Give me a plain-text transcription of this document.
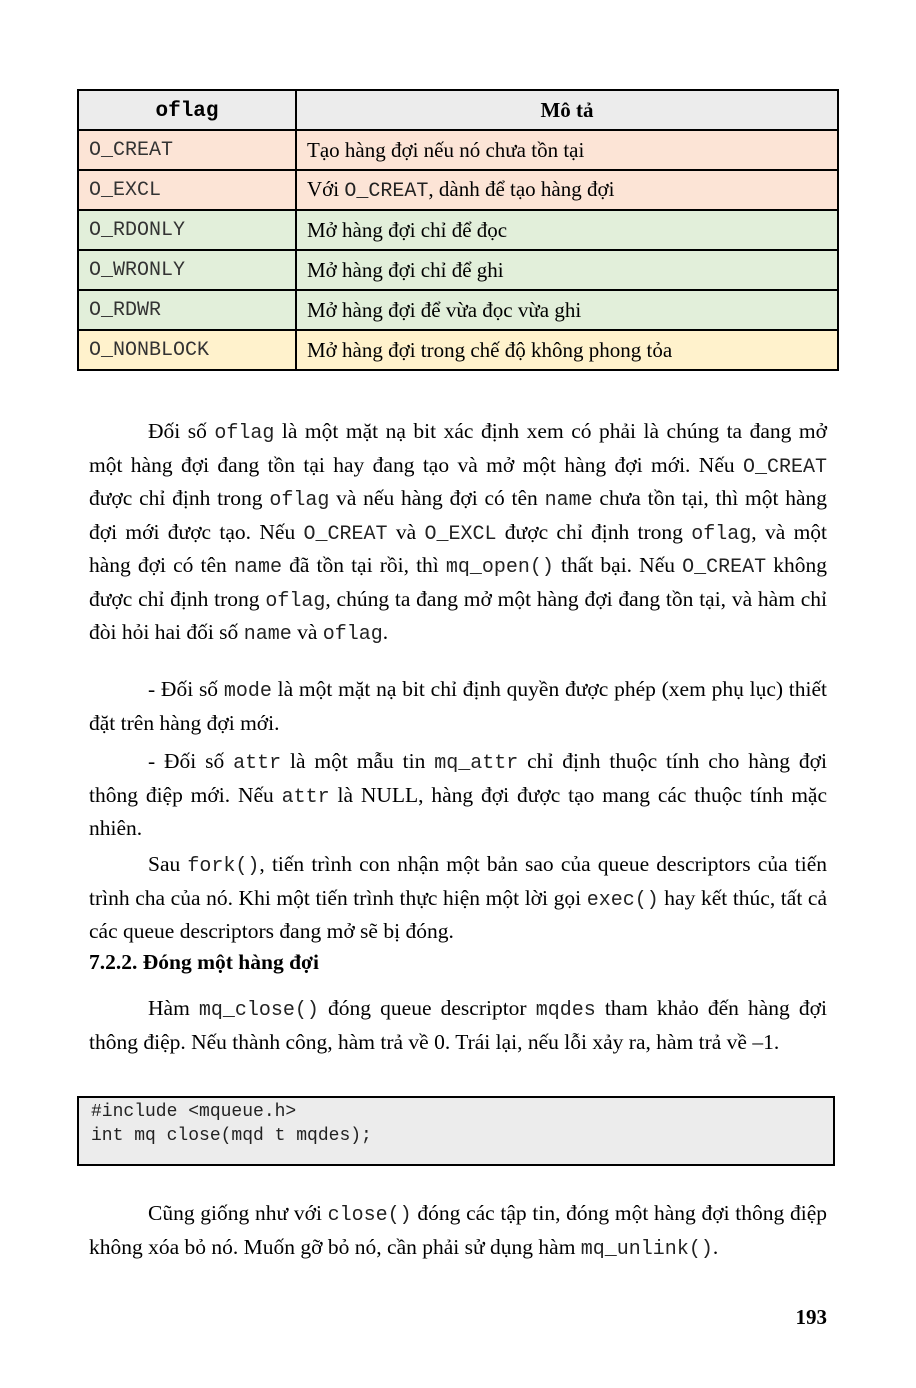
oflag	Mô tả
O_CREAT	Tạo hàng đợi nếu nó chưa tồn tại
O_EXCL	Với O_CREAT, dành để tạo hàng đợi
O_RDONLY	Mở hàng đợi chỉ để đọc
O_WRONLY	Mở hàng đợi chỉ để ghi
O_RDWR	Mở hàng đợi để vừa đọc vừa ghi
O_NONBLOCK	Mở hàng đợi trong chế độ không phong tỏa

Đối số oflag là một mặt nạ bit xác định xem có phải là chúng ta đang mở một hàng đợi đang tồn tại hay đang tạo và mở một hàng đợi mới. Nếu O_CREAT được chỉ định trong oflag và nếu hàng đợi có tên name chưa tồn tại, thì một hàng đợi mới được tạo. Nếu O_CREAT và O_EXCL được chỉ định trong oflag, và một hàng đợi có tên name đã tồn tại rồi, thì mq_open() thất bại. Nếu O_CREAT không được chỉ định trong oflag, chúng ta đang mở một hàng đợi đang tồn tại, và hàm chỉ đòi hỏi hai đối số name và oflag.

- Đối số mode là một mặt nạ bit chỉ định quyền được phép (xem phụ lục) thiết đặt trên hàng đợi mới.

- Đối số attr là một mẫu tin mq_attr chỉ định thuộc tính cho hàng đợi thông điệp mới. Nếu attr là NULL, hàng đợi được tạo mang các thuộc tính mặc nhiên.

Sau fork(), tiến trình con nhận một bản sao của queue descriptors của tiến trình cha của nó. Khi một tiến trình thực hiện một lời gọi exec() hay kết thúc, tất cả các queue descriptors đang mở sẽ bị đóng.

7.2.2. Đóng một hàng đợi

Hàm mq_close() đóng queue descriptor mqdes tham khảo đến hàng đợi thông điệp. Nếu thành công, hàm trả về 0. Trái lại, nếu lỗi xảy ra, hàm trả về –1.

#include <mqueue.h>
int mq close(mqd t mqdes);

Cũng giống như với close() đóng các tập tin, đóng một hàng đợi thông điệp không xóa bỏ nó. Muốn gỡ bỏ nó, cần phải sử dụng hàm mq_unlink().

193
